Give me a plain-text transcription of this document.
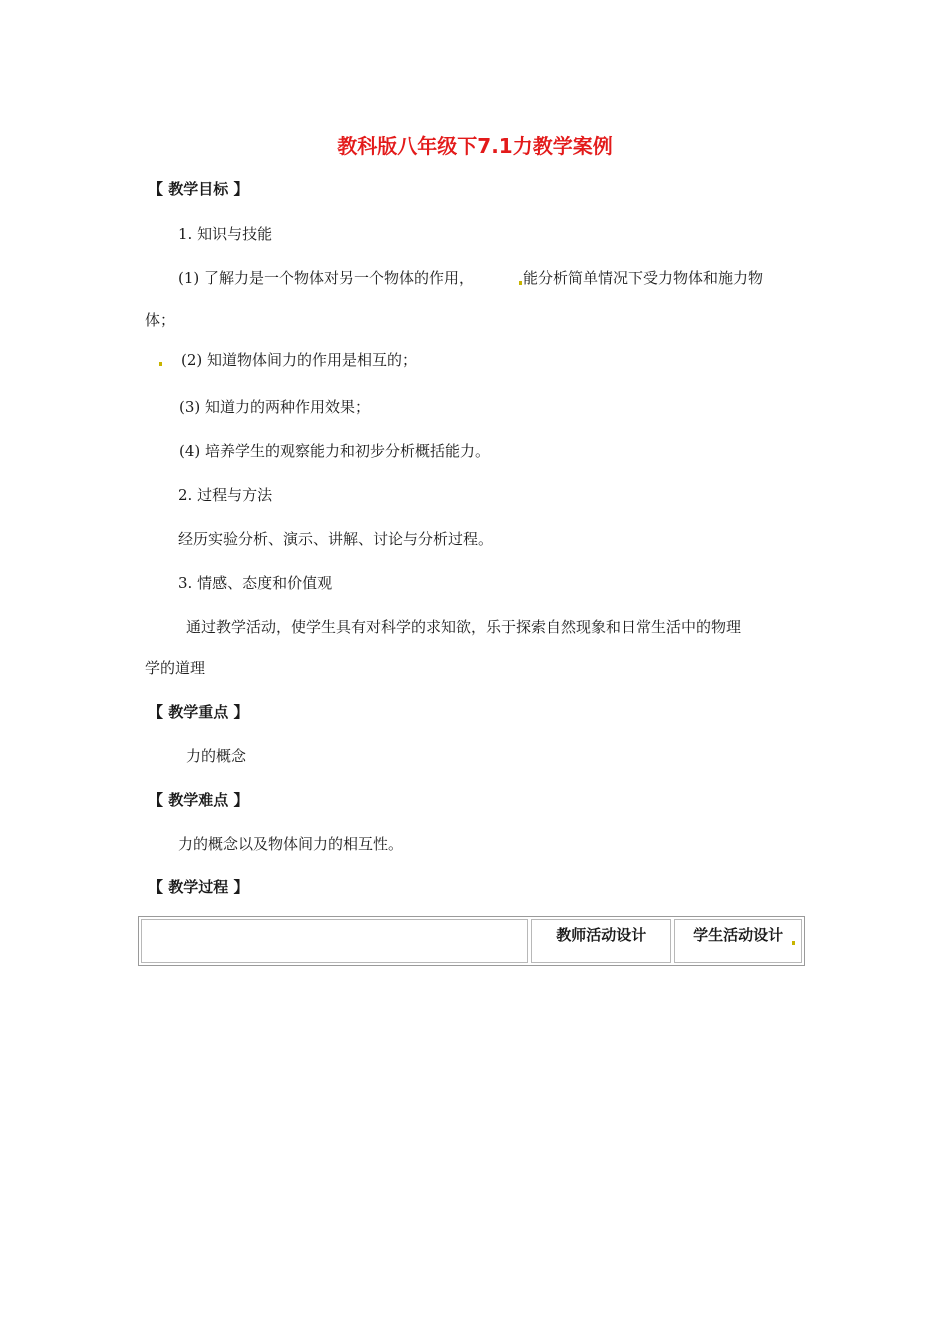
教科版八年级下7.1力教学案例
【 教学目标 】
1. 知识与技能
(1) 了解力是一个物体对另一个物体的作用，	能分析简单情况下受力物体和施力物
体；
(2) 知道物体间力的作用是相互的；
(3) 知道力的两种作用效果；
(4) 培养学生的观察能力和初步分析概括能力。
2. 过程与方法
经历实验分析、演示、讲解、讨论与分析过程。
3. 情感、态度和价值观
通过教学活动，使学生具有对科学的求知欲，乐于探索自然现象和日常生活中的物理
学的道理
【 教学重点 】
力的概念
【 教学难点 】
力的概念以及物体间力的相互性。
【 教学过程 】
教师活动设计	学生活动设计
